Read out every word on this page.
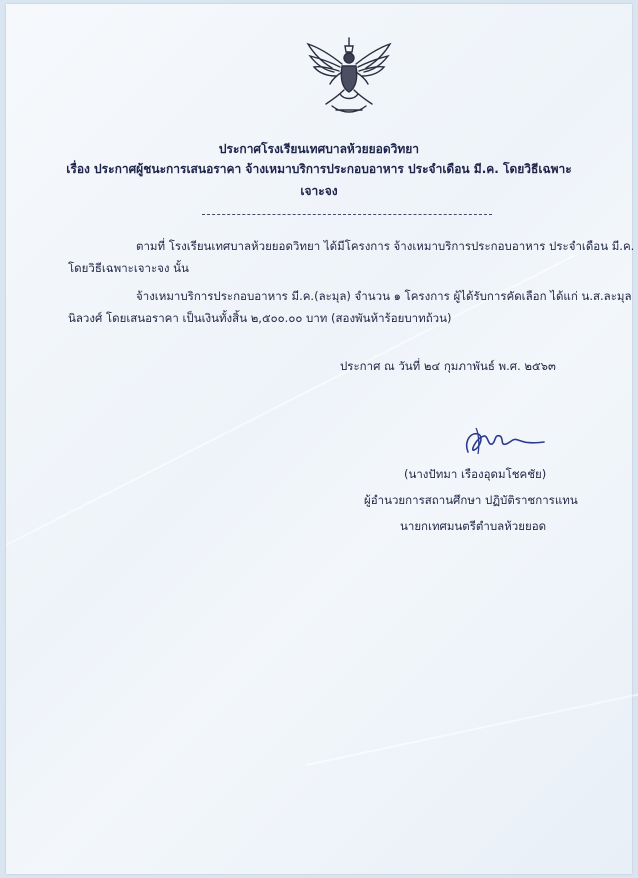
ประกาศโรงเรียนเทศบาลห้วยยอดวิทยา
เรื่อง ประกาศผู้ชนะการเสนอราคา จ้างเหมาบริการประกอบอาหาร ประจำเดือน มี.ค. โดยวิธีเฉพาะ
เจาะจง
ตามที่ โรงเรียนเทศบาลห้วยยอดวิทยา ได้มีโครงการ จ้างเหมาบริการประกอบอาหาร ประจำเดือน มี.ค.
โดยวิธีเฉพาะเจาะจง นั้น
จ้างเหมาบริการประกอบอาหาร มี.ค.(ละมุล) จำนวน ๑ โครงการ ผู้ได้รับการคัดเลือก ได้แก่ น.ส.ละมุล
นิลวงศ์ โดยเสนอราคา เป็นเงินทั้งสิ้น ๒,๕๐๐.๐๐ บาท (สองพันห้าร้อยบาทถ้วน)
ประกาศ ณ วันที่ ๒๔ กุมภาพันธ์ พ.ศ. ๒๕๖๓
(นางปัทมา เรืองอุดมโชคชัย)
ผู้อำนวยการสถานศึกษา ปฏิบัติราชการแทน
นายกเทศมนตรีตำบลห้วยยอด
